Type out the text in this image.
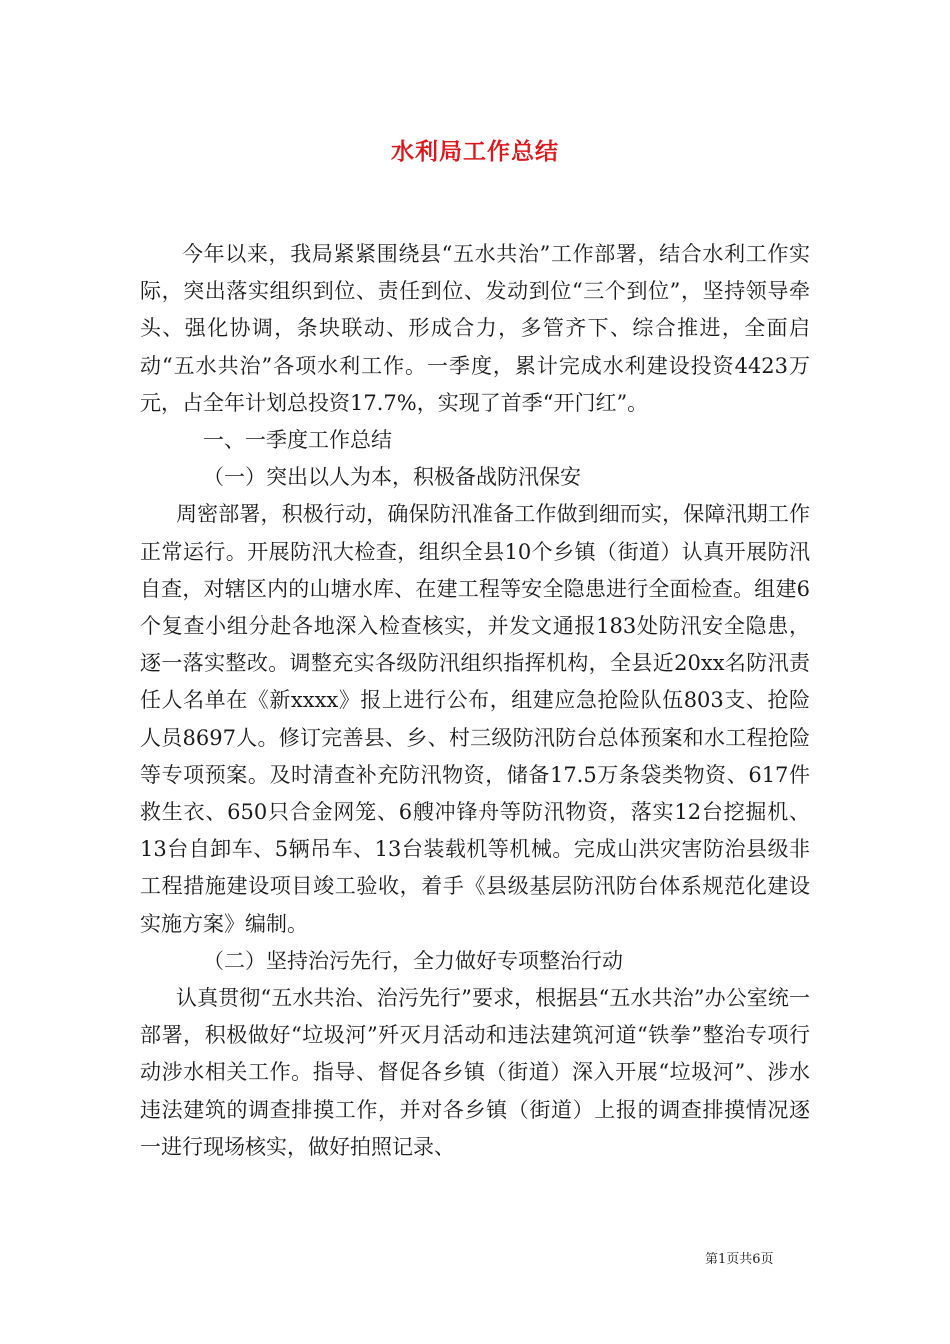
水利局工作总结

今年以来，我局紧紧围绕县“五水共治”工作部署，结合水利工作实际，突出落实组织到位、责任到位、发动到位“三个到位”，坚持领导牵头、强化协调，条块联动、形成合力，多管齐下、综合推进，全面启动“五水共治”各项水利工作。一季度，累计完成水利建设投资4423万元，占全年计划总投资17.7%，实现了首季“开门红”。

一、一季度工作总结

（一）突出以人为本，积极备战防汛保安

周密部署，积极行动，确保防汛准备工作做到细而实，保障汛期工作正常运行。开展防汛大检查，组织全县10个乡镇（街道）认真开展防汛自查，对辖区内的山塘水库、在建工程等安全隐患进行全面检查。组建6个复查小组分赴各地深入检查核实，并发文通报183处防汛安全隐患，逐一落实整改。调整充实各级防汛组织指挥机构，全县近20xx名防汛责任人名单在《新xxxx》报上进行公布，组建应急抢险队伍803支、抢险人员8697人。修订完善县、乡、村三级防汛防台总体预案和水工程抢险等专项预案。及时清查补充防汛物资，储备17.5万条袋类物资、617件救生衣、650只合金网笼、6艘冲锋舟等防汛物资，落实12台挖掘机、13台自卸车、5辆吊车、13台装载机等机械。完成山洪灾害防治县级非工程措施建设项目竣工验收，着手《县级基层防汛防台体系规范化建设实施方案》编制。

（二）坚持治污先行，全力做好专项整治行动

认真贯彻“五水共治、治污先行”要求，根据县“五水共治”办公室统一部署，积极做好“垃圾河”歼灭月活动和违法建筑河道“铁拳”整治专项行动涉水相关工作。指导、督促各乡镇（街道）深入开展“垃圾河”、涉水违法建筑的调查排摸工作，并对各乡镇（街道）上报的调查排摸情况逐一进行现场核实，做好拍照记录、

第1页共6页
